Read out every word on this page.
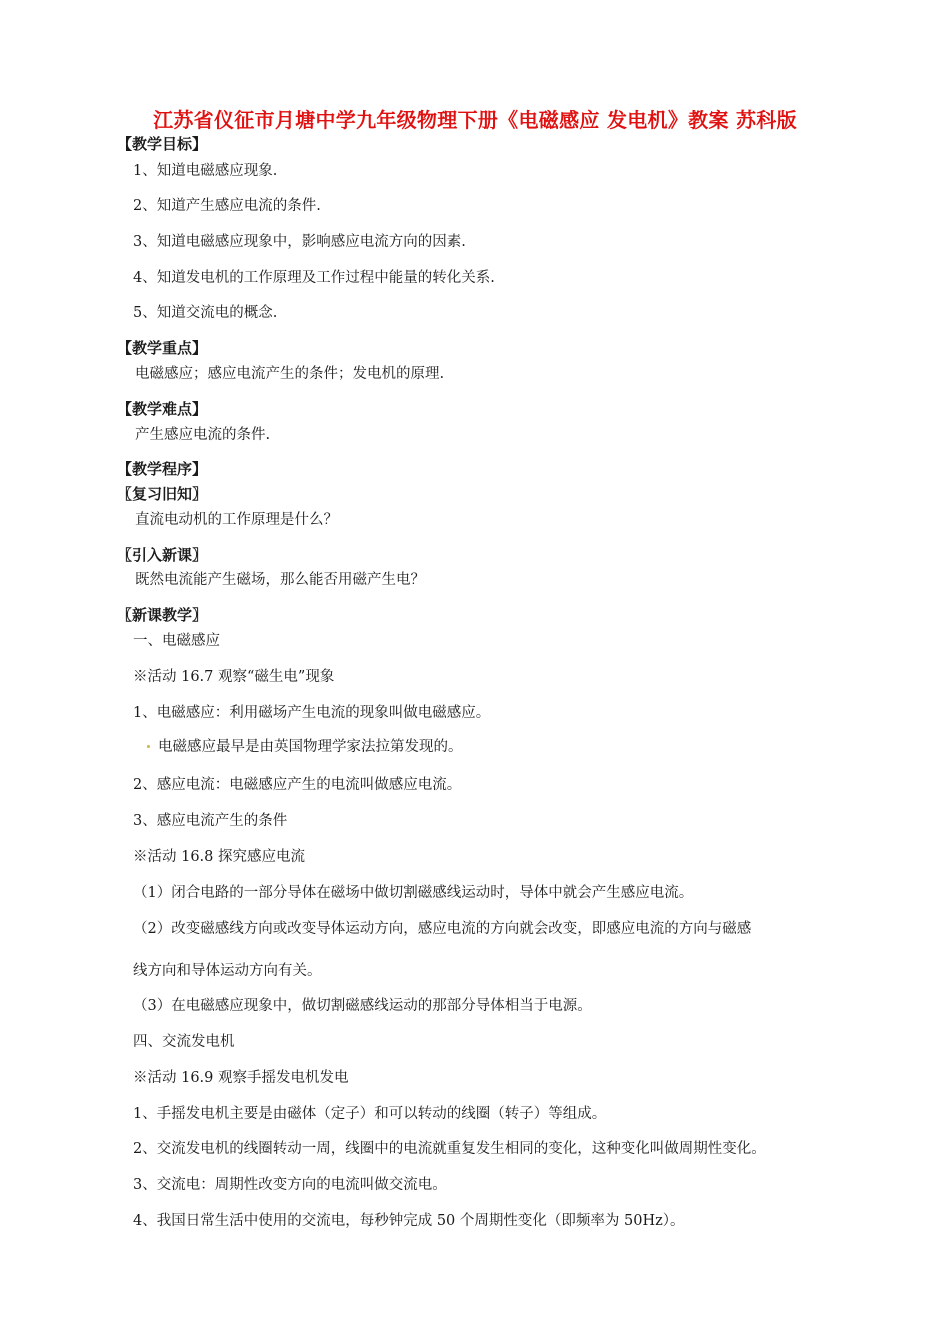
江苏省仪征市月塘中学九年级物理下册《电磁感应 发电机》教案 苏科版
【教学目标】
1、知道电磁感应现象.
2、知道产生感应电流的条件.
3、知道电磁感应现象中，影响感应电流方向的因素.
4、知道发电机的工作原理及工作过程中能量的转化关系.
5、知道交流电的概念.
【教学重点】
电磁感应；感应电流产生的条件；发电机的原理.
【教学难点】
产生感应电流的条件.
【教学程序】
〖复习旧知〗
直流电动机的工作原理是什么？
〖引入新课〗
既然电流能产生磁场，那么能否用磁产生电？
〖新课教学〗
一、电磁感应
※活动 16.7 观察“磁生电”现象
1、电磁感应：利用磁场产生电流的现象叫做电磁感应。
电磁感应最早是由英国物理学家法拉第发现的。
2、感应电流：电磁感应产生的电流叫做感应电流。
3、感应电流产生的条件
※活动 16.8 探究感应电流
（1）闭合电路的一部分导体在磁场中做切割磁感线运动时，导体中就会产生感应电流。
（2）改变磁感线方向或改变导体运动方向，感应电流的方向就会改变，即感应电流的方向与磁感
线方向和导体运动方向有关。
（3）在电磁感应现象中，做切割磁感线运动的那部分导体相当于电源。
四、交流发电机
※活动 16.9 观察手摇发电机发电
1、手摇发电机主要是由磁体（定子）和可以转动的线圈（转子）等组成。
2、交流发电机的线圈转动一周，线圈中的电流就重复发生相同的变化，这种变化叫做周期性变化。
3、交流电：周期性改变方向的电流叫做交流电。
4、我国日常生活中使用的交流电，每秒钟完成 50 个周期性变化（即频率为 50Hz）。
